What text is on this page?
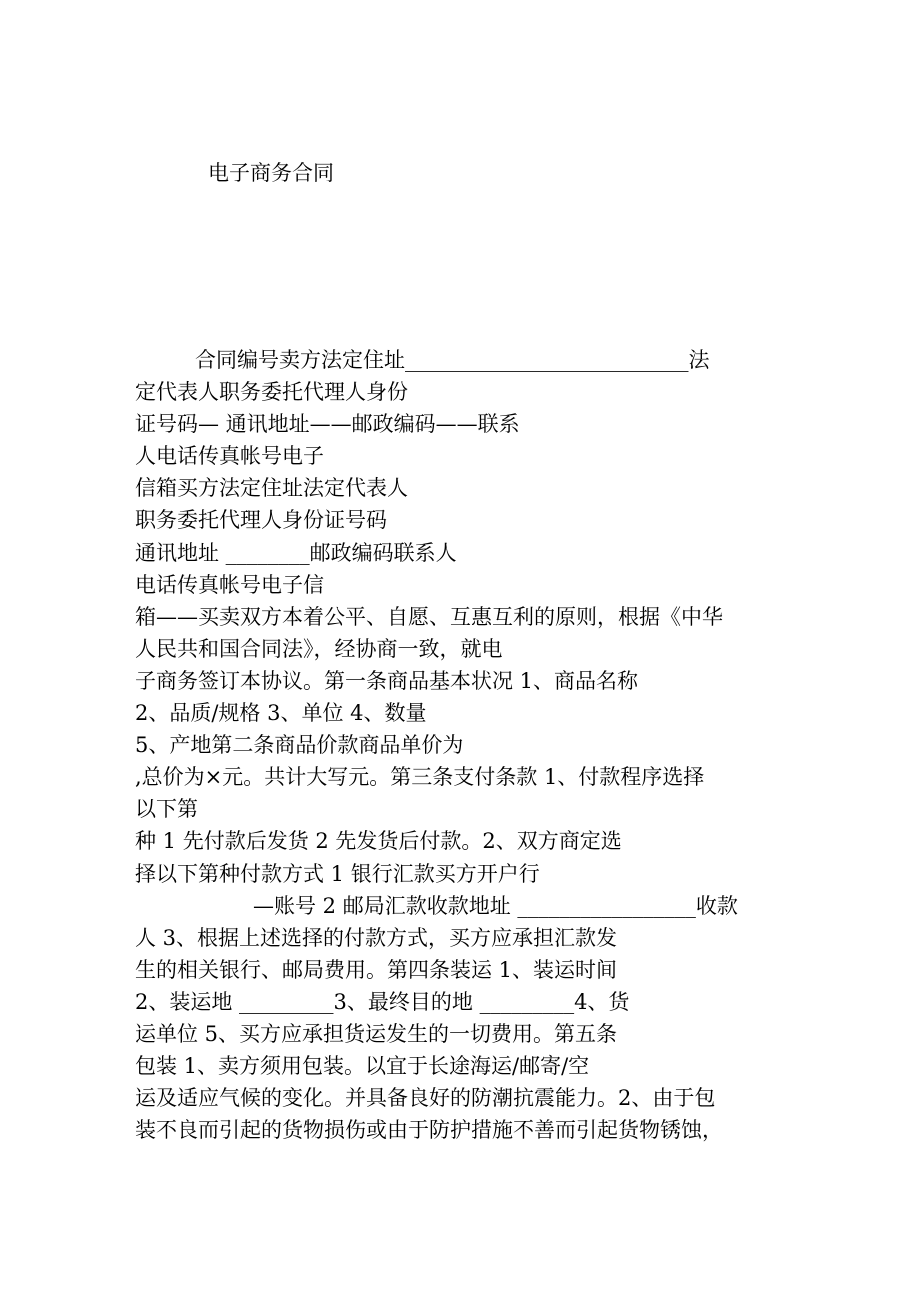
电子商务合同
合同编号卖方法定住址___________________________法
定代表人职务委托代理人身份
证号码— 通讯地址——邮政编码——联系
人电话传真帐号电子
信箱买方法定住址法定代表人
职务委托代理人身份证号码
通讯地址 ________邮政编码联系人
电话传真帐号电子信
箱——买卖双方本着公平、自愿、互惠互利的原则，根据《中华
人民共和国合同法》，经协商一致，就电
子商务签订本协议。第一条商品基本状况 1、商品名称
2、品质/规格 3、单位 4、数量
5、产地第二条商品价款商品单价为
,总价为×元。共计大写元。第三条支付条款 1、付款程序选择
以下第
种 1 先付款后发货 2 先发货后付款。2、双方商定选
择以下第种付款方式 1 银行汇款买方开户行
—账号 2 邮局汇款收款地址 _________________收款
人 3、根据上述选择的付款方式，买方应承担汇款发
生的相关银行、邮局费用。第四条装运 1、装运时间
2、装运地 _________3、最终目的地 _________4、货
运单位 5、买方应承担货运发生的一切费用。第五条
包装 1、卖方须用包装。以宜于长途海运/邮寄/空
运及适应气候的变化。并具备良好的防潮抗震能力。2、由于包
装不良而引起的货物损伤或由于防护措施不善而引起货物锈蚀，
